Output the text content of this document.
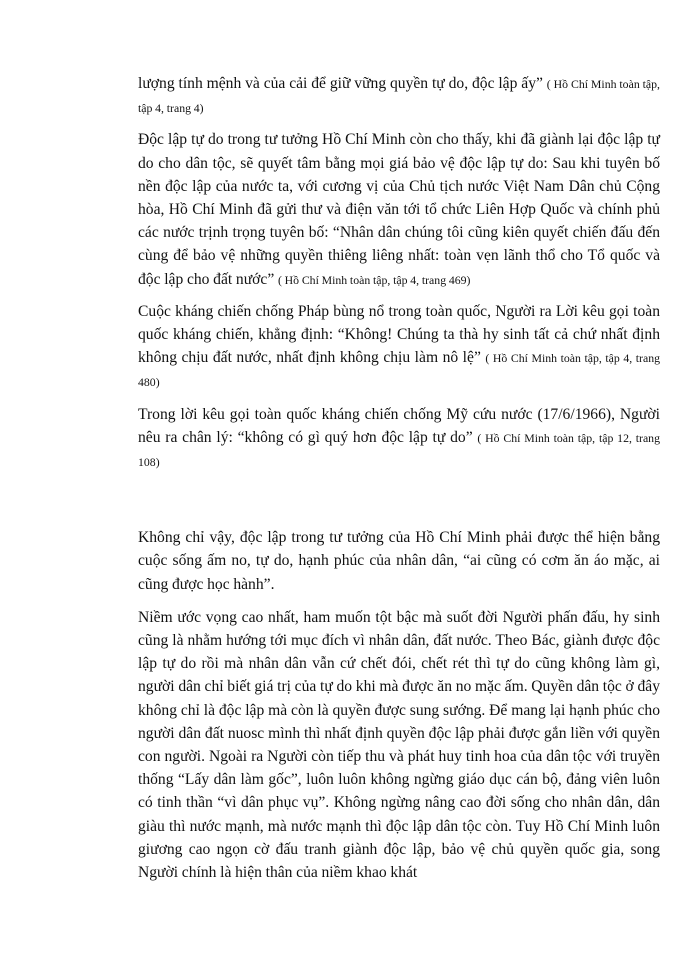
lượng tính mệnh và của cải để giữ vững quyền tự do, độc lập ấy” ( Hồ Chí Minh toàn tập, tập 4, trang 4)

Độc lập tự do trong tư tưởng Hồ Chí Minh còn cho thấy, khi đã giành lại độc lập tự do cho dân tộc, sẽ quyết tâm bằng mọi giá bảo vệ độc lập tự do: Sau khi tuyên bố nền độc lập của nước ta, với cương vị của Chủ tịch nước Việt Nam Dân chủ Cộng hòa, Hồ Chí Minh đã gửi thư và điện văn tới tổ chức Liên Hợp Quốc và chính phủ các nước trịnh trọng tuyên bố: “Nhân dân chúng tôi cũng kiên quyết chiến đấu đến cùng để bảo vệ những quyền thiêng liêng nhất: toàn vẹn lãnh thổ cho Tổ quốc và độc lập cho đất nước” ( Hồ Chí Minh toàn tập, tập 4, trang 469)

Cuộc kháng chiến chống Pháp bùng nổ trong toàn quốc, Người ra Lời kêu gọi toàn quốc kháng chiến, khẳng định: “Không! Chúng ta thà hy sinh tất cả chứ nhất định không chịu đất nước, nhất định không chịu làm nô lệ” ( Hồ Chí Minh toàn tập, tập 4, trang 480)

Trong lời kêu gọi toàn quốc kháng chiến chống Mỹ cứu nước (17/6/1966), Người nêu ra chân lý: “không có gì quý hơn độc lập tự do” ( Hồ Chí Minh toàn tập, tập 12, trang 108)

Không chỉ vậy, độc lập trong tư tưởng của Hồ Chí Minh phải được thể hiện bằng cuộc sống ấm no, tự do, hạnh phúc của nhân dân, “ai cũng có cơm ăn áo mặc, ai cũng được học hành”.

Niềm ước vọng cao nhất, ham muốn tột bậc mà suốt đời Người phấn đấu, hy sinh cũng là nhằm hướng tới mục đích vì nhân dân, đất nước. Theo Bác, giành được độc lập tự do rồi mà nhân dân vẫn cứ chết đói, chết rét thì tự do cũng không làm gì, người dân chỉ biết giá trị của tự do khi mà được ăn no mặc ấm. Quyền dân tộc ở đây không chỉ là độc lập mà còn là quyền được sung sướng. Để mang lại hạnh phúc cho người dân đất nuosc mình thì nhất định quyền độc lập phải được gắn liền với quyền con người. Ngoài ra Người còn tiếp thu và phát huy tinh hoa của dân tộc với truyền thống “Lấy dân làm gốc”, luôn luôn không ngừng giáo dục cán bộ, đảng viên luôn có tinh thần “vì dân phục vụ”. Không ngừng nâng cao đời sống cho nhân dân, dân giàu thì nước mạnh, mà nước mạnh thì độc lập dân tộc còn. Tuy Hồ Chí Minh luôn giương cao ngọn cờ đấu tranh giành độc lập, bảo vệ chủ quyền quốc gia, song Người chính là hiện thân của niềm khao khát
